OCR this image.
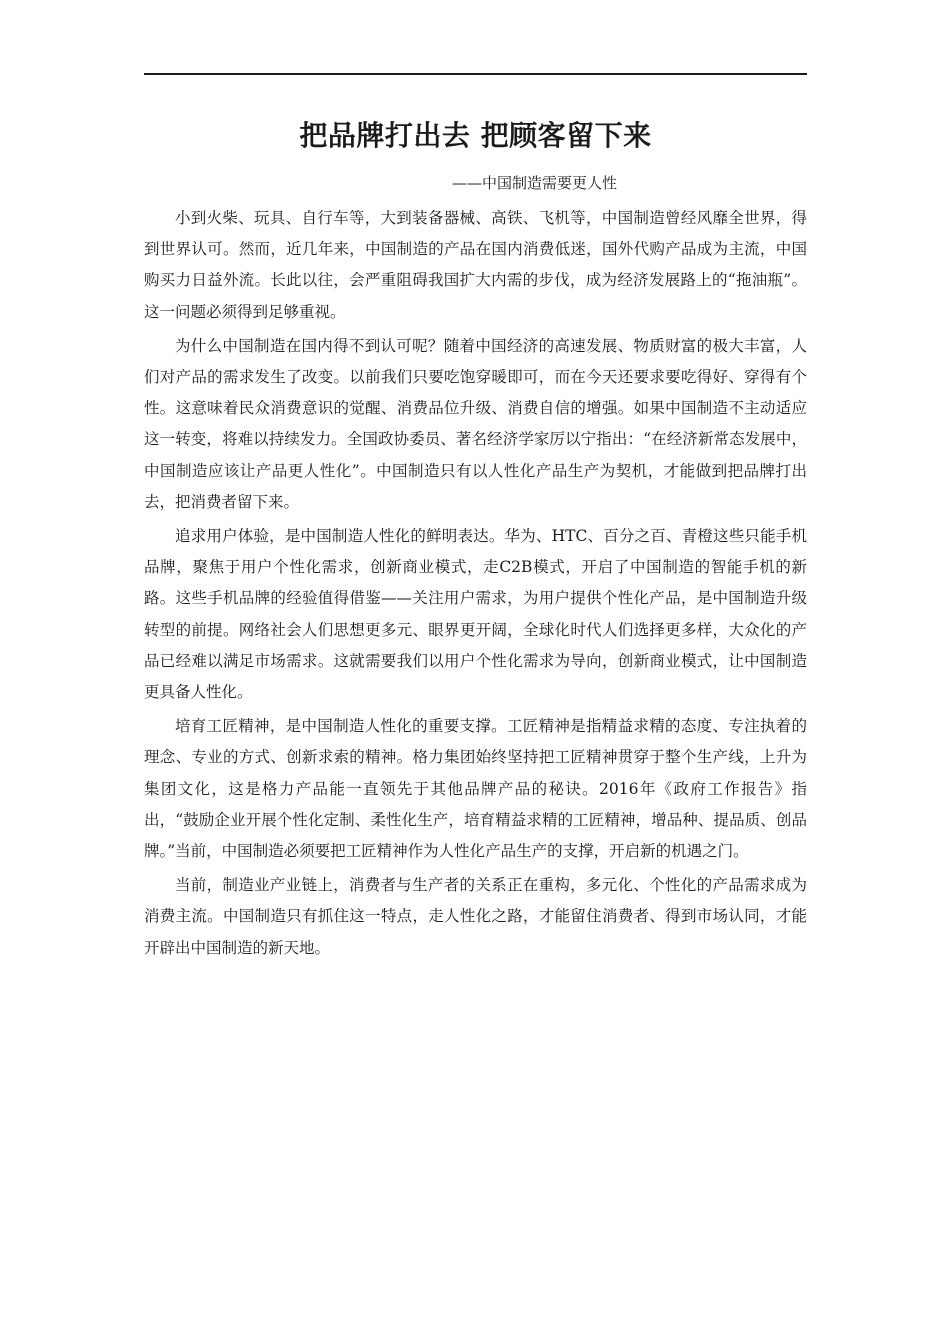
把品牌打出去 把顾客留下来

——中国制造需要更人性

小到火柴、玩具、自行车等，大到装备器械、高铁、飞机等，中国制造曾经风靡全世界，得到世界认可。然而，近几年来，中国制造的产品在国内消费低迷，国外代购产品成为主流，中国购买力日益外流。长此以往，会严重阻碍我国扩大内需的步伐，成为经济发展路上的“拖油瓶”。这一问题必须得到足够重视。

为什么中国制造在国内得不到认可呢？随着中国经济的高速发展、物质财富的极大丰富，人们对产品的需求发生了改变。以前我们只要吃饱穿暖即可，而在今天还要求要吃得好、穿得有个性。这意味着民众消费意识的觉醒、消费品位升级、消费自信的增强。如果中国制造不主动适应这一转变，将难以持续发力。全国政协委员、著名经济学家厉以宁指出：“在经济新常态发展中，中国制造应该让产品更人性化”。中国制造只有以人性化产品生产为契机，才能做到把品牌打出去，把消费者留下来。

追求用户体验，是中国制造人性化的鲜明表达。华为、HTC、百分之百、青橙这些只能手机品牌，聚焦于用户个性化需求，创新商业模式，走C2B模式，开启了中国制造的智能手机的新路。这些手机品牌的经验值得借鉴——关注用户需求，为用户提供个性化产品，是中国制造升级转型的前提。网络社会人们思想更多元、眼界更开阔，全球化时代人们选择更多样，大众化的产品已经难以满足市场需求。这就需要我们以用户个性化需求为导向，创新商业模式，让中国制造更具备人性化。

培育工匠精神，是中国制造人性化的重要支撑。工匠精神是指精益求精的态度、专注执着的理念、专业的方式、创新求索的精神。格力集团始终坚持把工匠精神贯穿于整个生产线，上升为集团文化，这是格力产品能一直领先于其他品牌产品的秘诀。2016年《政府工作报告》指出，“鼓励企业开展个性化定制、柔性化生产，培育精益求精的工匠精神，增品种、提品质、创品牌。”当前，中国制造必须要把工匠精神作为人性化产品生产的支撑，开启新的机遇之门。

当前，制造业产业链上，消费者与生产者的关系正在重构，多元化、个性化的产品需求成为消费主流。中国制造只有抓住这一特点，走人性化之路，才能留住消费者、得到市场认同，才能开辟出中国制造的新天地。
